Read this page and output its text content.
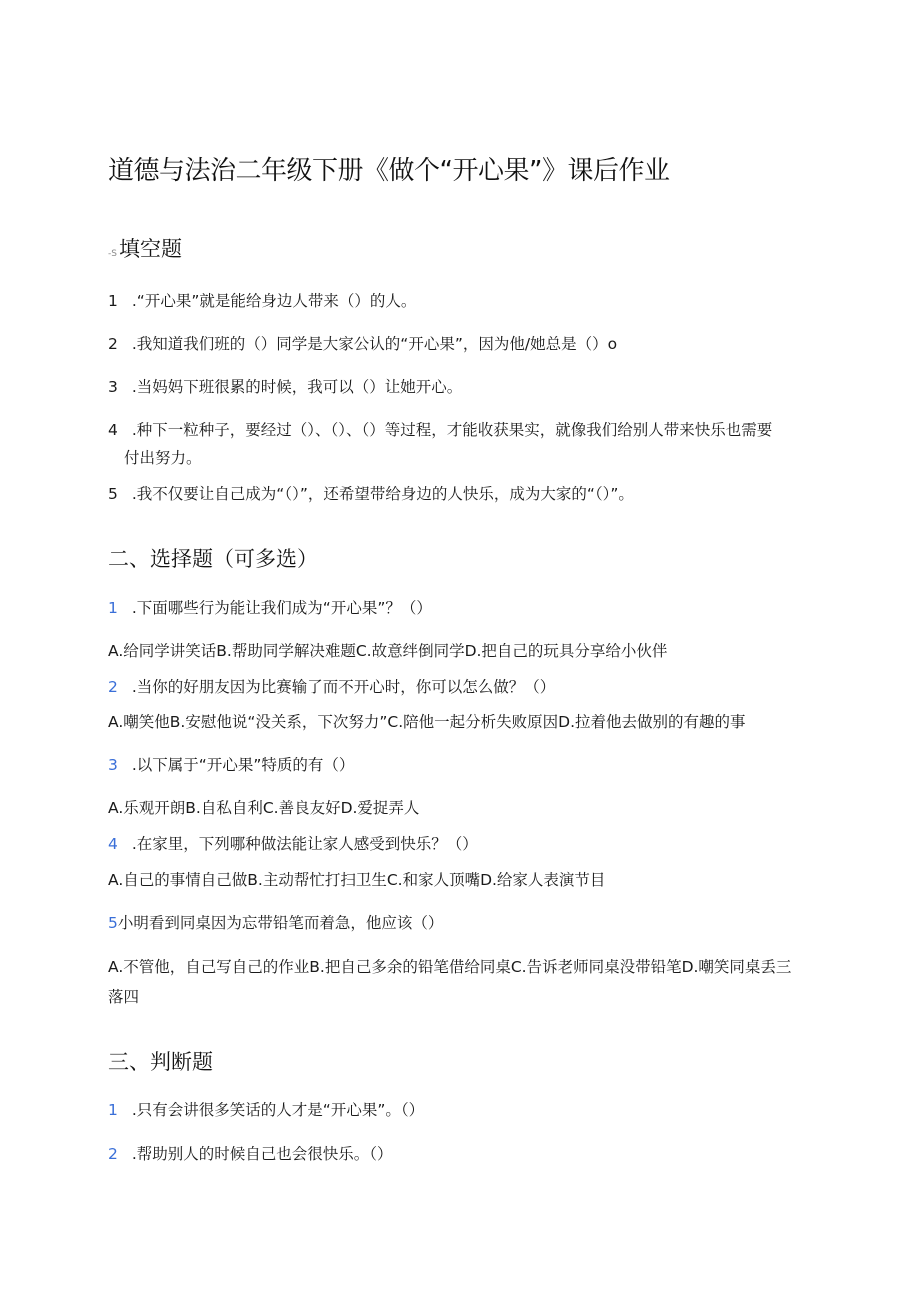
道德与法治二年级下册《做个“开心果”》课后作业
-S填空题
1 .“开心果”就是能给身边人带来（）的人。
2 .我知道我们班的（）同学是大家公认的“开心果”，因为他/她总是（）o
3 .当妈妈下班很累的时候，我可以（）让她开心。
4 .种下一粒种子，要经过（）、（）、（）等过程，才能收获果实，就像我们给别人带来快乐也需要
付出努力。
5 .我不仅要让自己成为“（）”，还希望带给身边的人快乐，成为大家的“（）”。
二、选择题（可多选）
1 .下面哪些行为能让我们成为“开心果”？（）
A.给同学讲笑话B.帮助同学解决难题C.故意绊倒同学D.把自己的玩具分享给小伙伴
2 .当你的好朋友因为比赛输了而不开心时，你可以怎么做？（）
A.嘲笑他B.安慰他说“没关系，下次努力”C.陪他一起分析失败原因D.拉着他去做别的有趣的事
3 .以下属于“开心果”特质的有（）
A.乐观开朗B.自私自利C.善良友好D.爱捉弄人
4 .在家里，下列哪种做法能让家人感受到快乐？（）
A.自己的事情自己做B.主动帮忙打扫卫生C.和家人顶嘴D.给家人表演节目
5小明看到同桌因为忘带铅笔而着急，他应该（）
A.不管他，自己写自己的作业B.把自己多余的铅笔借给同桌C.告诉老师同桌没带铅笔D.嘲笑同桌丢三
落四
三、判断题
1 .只有会讲很多笑话的人才是“开心果”。（）
2 .帮助别人的时候自己也会很快乐。（）
